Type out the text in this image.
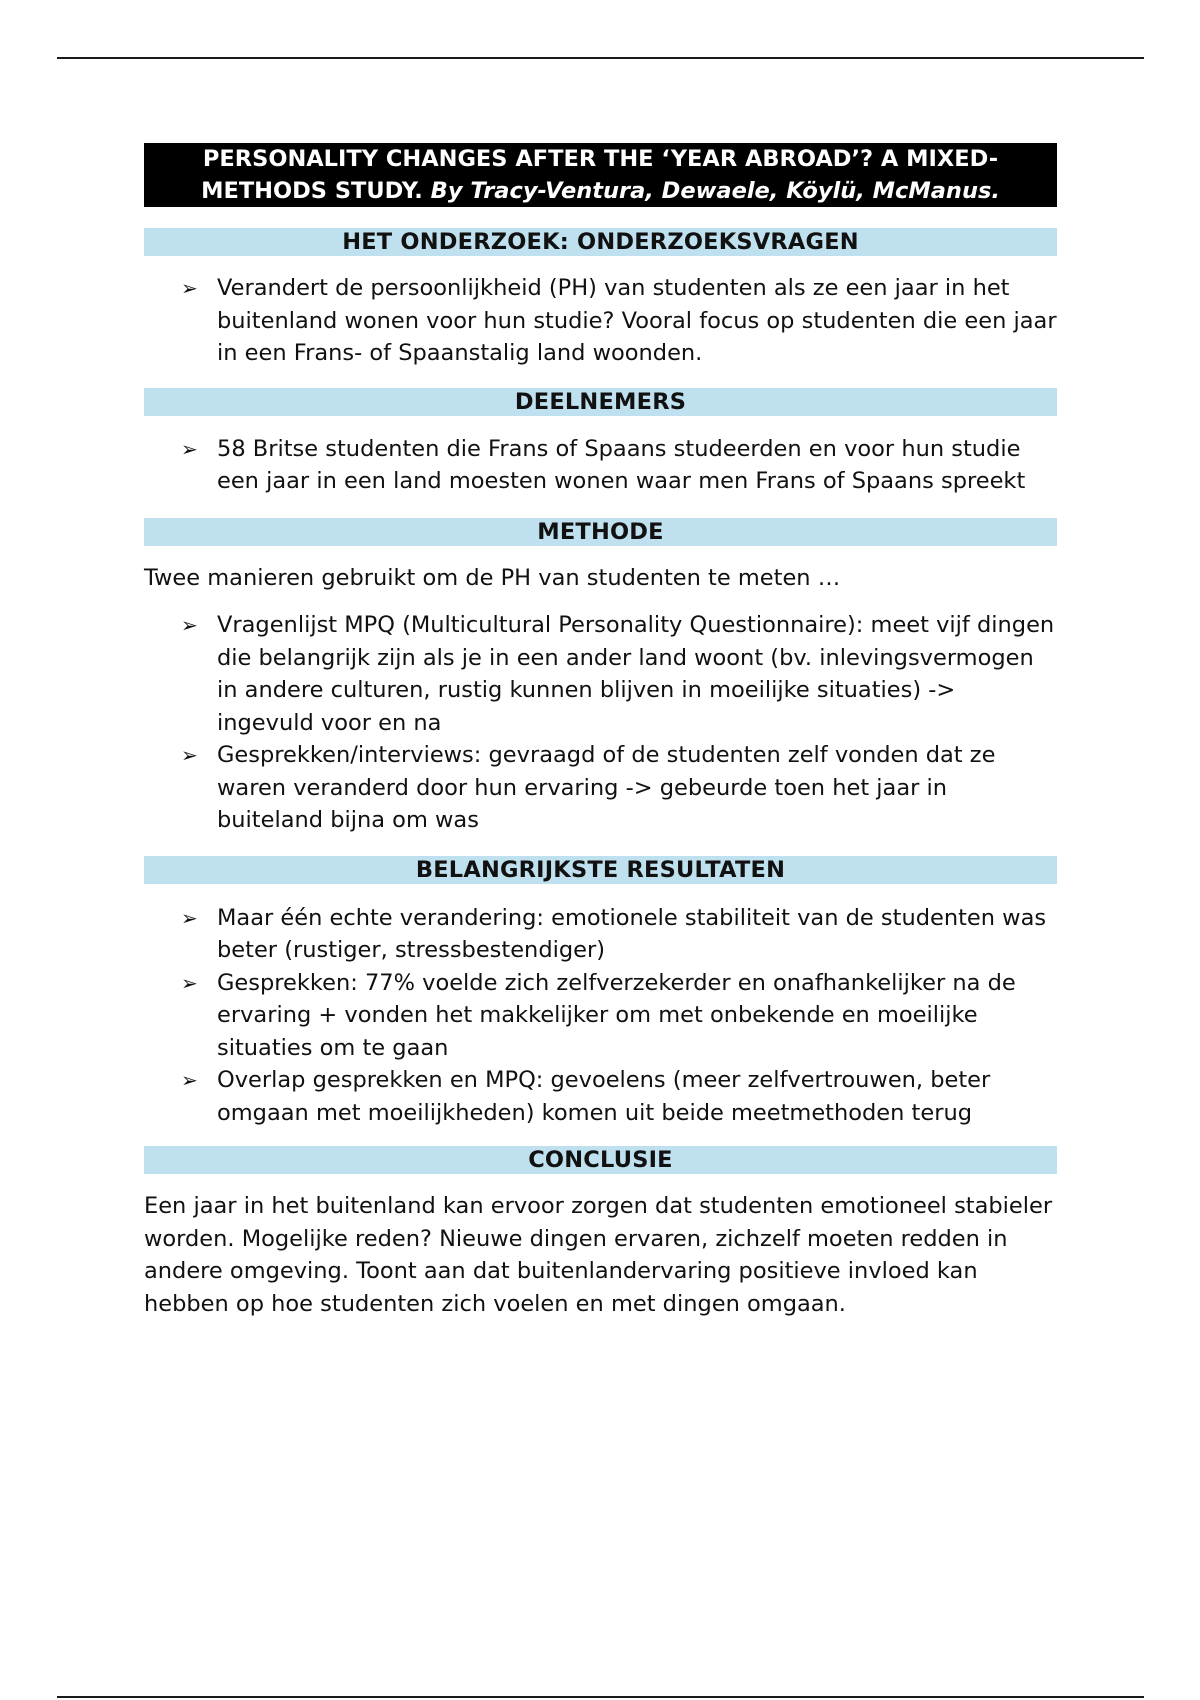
PERSONALITY CHANGES AFTER THE ‘YEAR ABROAD’? A MIXED-METHODS STUDY. By Tracy-Ventura, Dewaele, Köylü, McManus.
HET ONDERZOEK: ONDERZOEKSVRAGEN
➢ Verandert de persoonlijkheid (PH) van studenten als ze een jaar in het buitenland wonen voor hun studie? Vooral focus op studenten die een jaar in een Frans- of Spaanstalig land woonden.
DEELNEMERS
➢ 58 Britse studenten die Frans of Spaans studeerden en voor hun studie een jaar in een land moesten wonen waar men Frans of Spaans spreekt
METHODE
Twee manieren gebruikt om de PH van studenten te meten …
➢ Vragenlijst MPQ (Multicultural Personality Questionnaire): meet vijf dingen die belangrijk zijn als je in een ander land woont (bv. inlevingsvermogen in andere culturen, rustig kunnen blijven in moeilijke situaties) -> ingevuld voor en na
➢ Gesprekken/interviews: gevraagd of de studenten zelf vonden dat ze waren veranderd door hun ervaring -> gebeurde toen het jaar in buiteland bijna om was
BELANGRIJKSTE RESULTATEN
➢ Maar één echte verandering: emotionele stabiliteit van de studenten was beter (rustiger, stressbestendiger)
➢ Gesprekken: 77% voelde zich zelfverzekerder en onafhankelijker na de ervaring + vonden het makkelijker om met onbekende en moeilijke situaties om te gaan
➢ Overlap gesprekken en MPQ: gevoelens (meer zelfvertrouwen, beter omgaan met moeilijkheden) komen uit beide meetmethoden terug
CONCLUSIE
Een jaar in het buitenland kan ervoor zorgen dat studenten emotioneel stabieler worden. Mogelijke reden? Nieuwe dingen ervaren, zichzelf moeten redden in andere omgeving. Toont aan dat buitenlandervaring positieve invloed kan hebben op hoe studenten zich voelen en met dingen omgaan.
